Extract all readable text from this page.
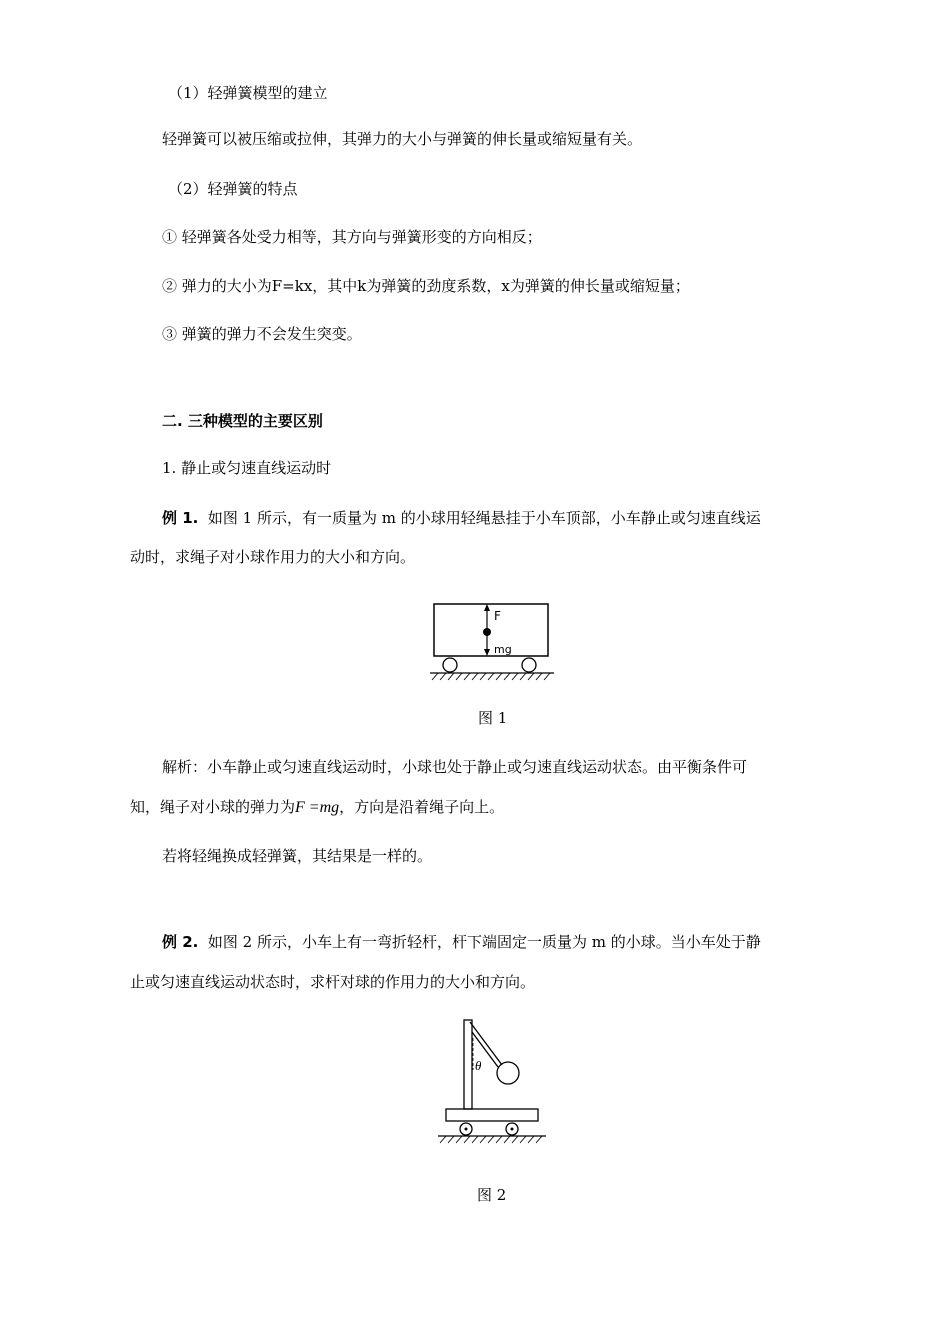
（1）轻弹簧模型的建立
轻弹簧可以被压缩或拉伸，其弹力的大小与弹簧的伸长量或缩短量有关。
（2）轻弹簧的特点
① 轻弹簧各处受力相等，其方向与弹簧形变的方向相反；
② 弹力的大小为F=kx，其中k为弹簧的劲度系数，x为弹簧的伸长量或缩短量；
③ 弹簧的弹力不会发生突变。
二. 三种模型的主要区别
1. 静止或匀速直线运动时
例 1. 如图 1 所示，有一质量为 m 的小球用轻绳悬挂于小车顶部，小车静止或匀速直线运
动时，求绳子对小球作用力的大小和方向。
F
mg
图 1
解析：小车静止或匀速直线运动时，小球也处于静止或匀速直线运动状态。由平衡条件可
知，绳子对小球的弹力为F =mg，方向是沿着绳子向上。
若将轻绳换成轻弹簧，其结果是一样的。
例 2. 如图 2 所示，小车上有一弯折轻杆，杆下端固定一质量为 m 的小球。当小车处于静
止或匀速直线运动状态时，求杆对球的作用力的大小和方向。
θ
图 2
